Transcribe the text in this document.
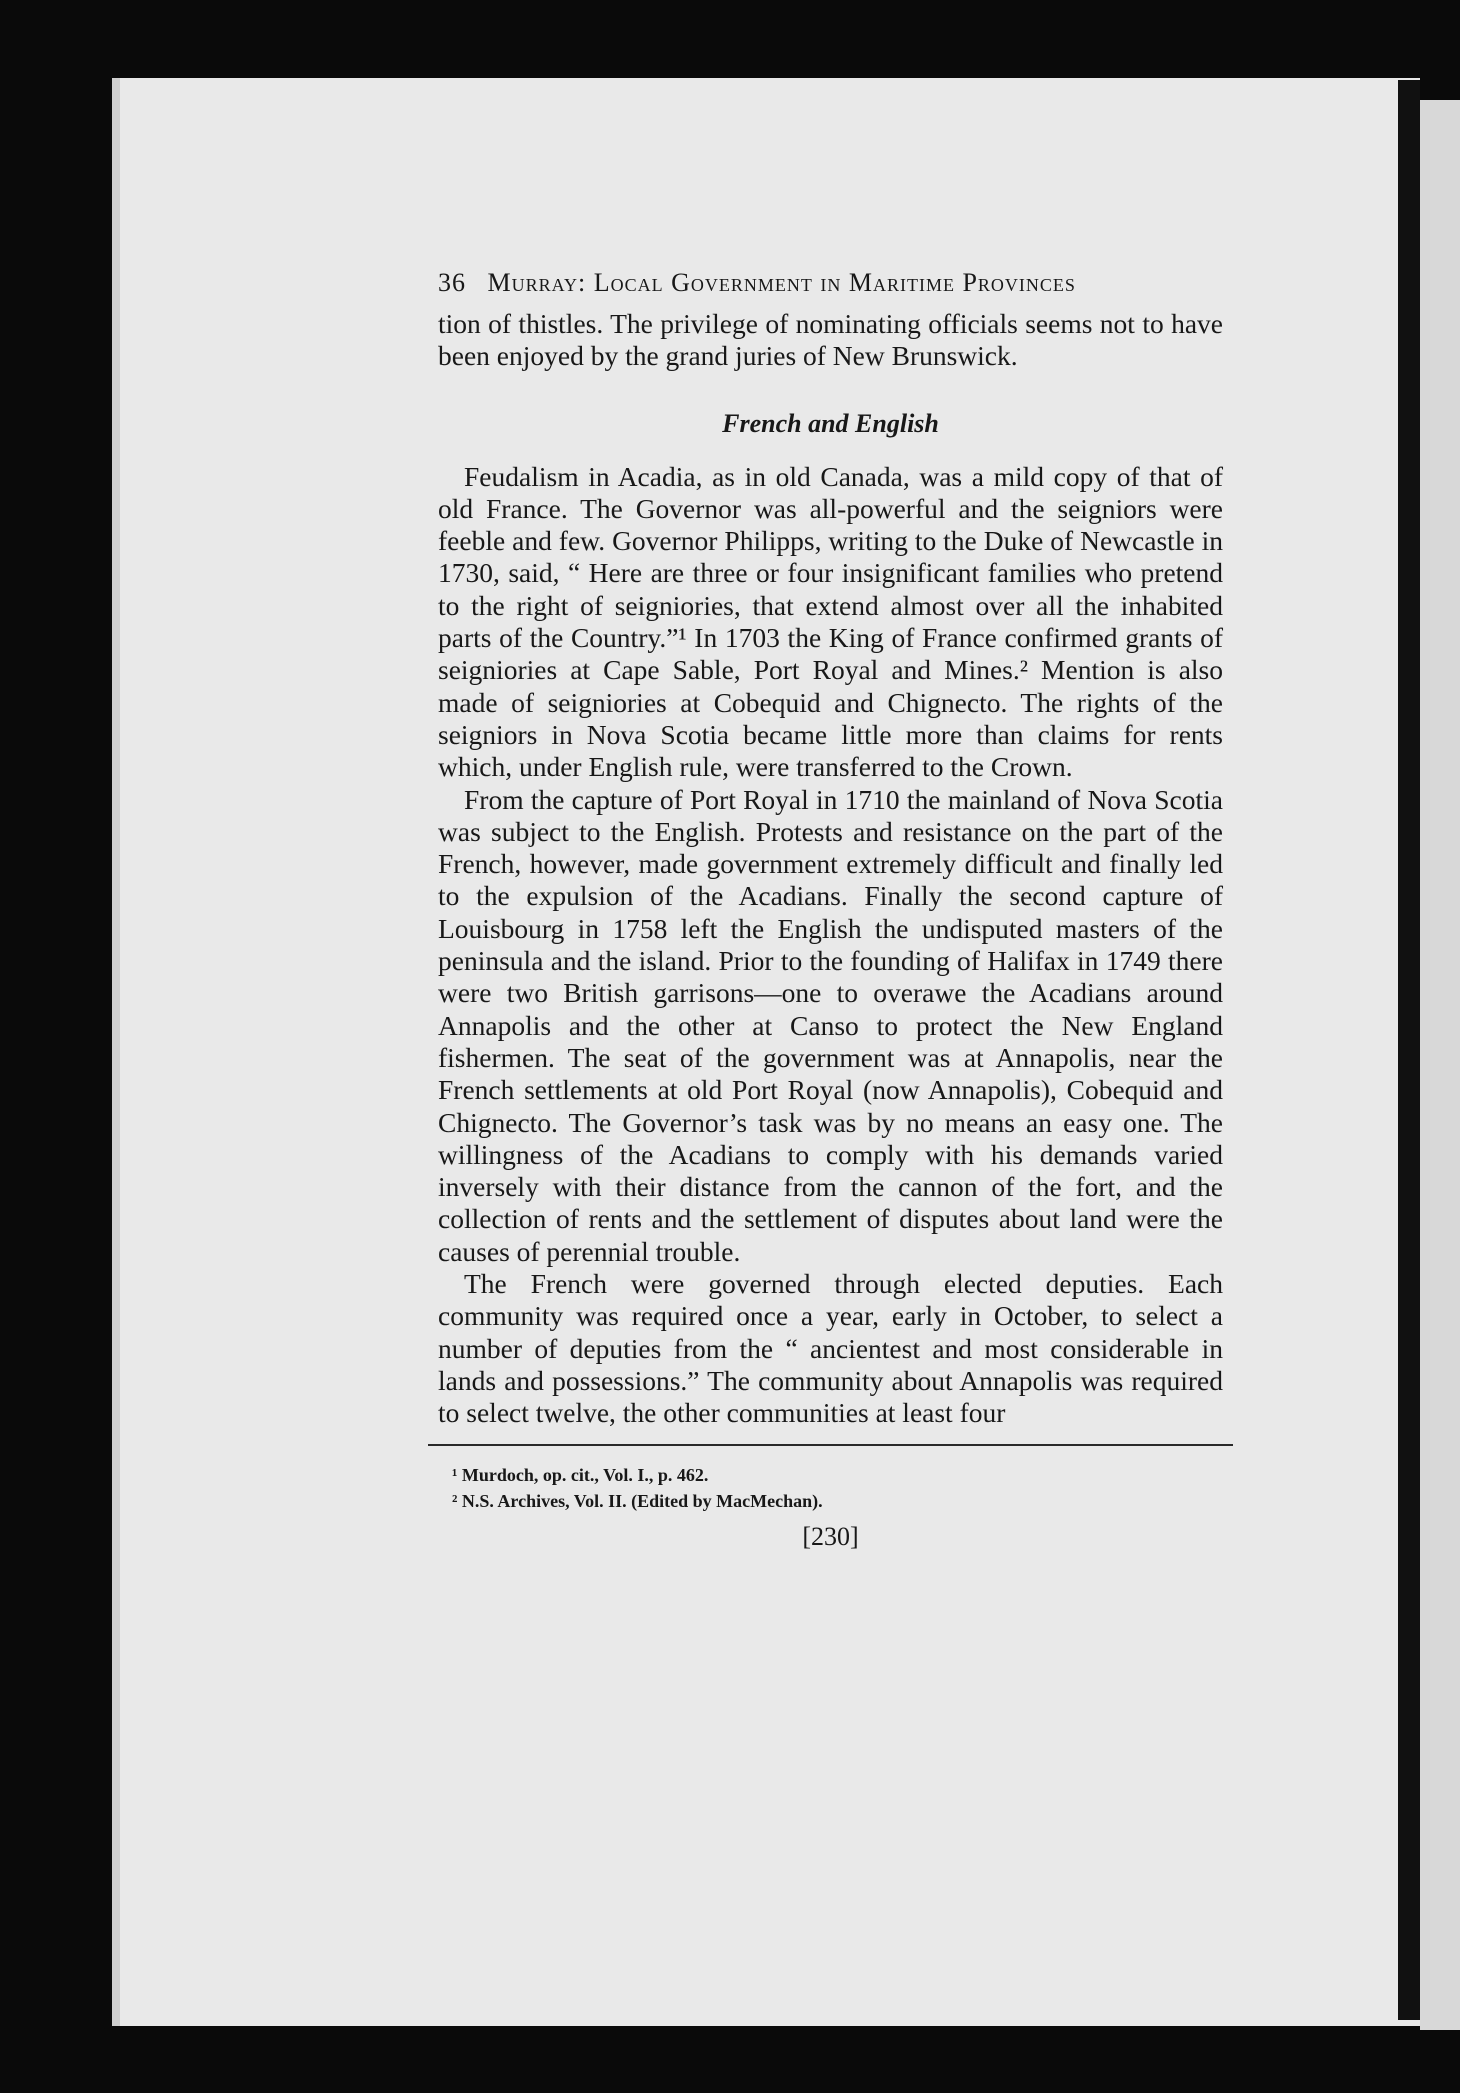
36 Murray: Local Government in Maritime Provinces

tion of thistles. The privilege of nominating officials seems not to have been enjoyed by the grand juries of New Brunswick.

French and English

Feudalism in Acadia, as in old Canada, was a mild copy of that of old France. The Governor was all-powerful and the seigniors were feeble and few. Governor Philipps, writing to the Duke of Newcastle in 1730, said, “ Here are three or four insignificant families who pretend to the right of seigniories, that extend almost over all the inhabited parts of the Country.”¹ In 1703 the King of France confirmed grants of seigniories at Cape Sable, Port Royal and Mines.² Mention is also made of seigniories at Cobequid and Chignecto. The rights of the seigniors in Nova Scotia became little more than claims for rents which, under English rule, were transferred to the Crown.

From the capture of Port Royal in 1710 the mainland of Nova Scotia was subject to the English. Protests and resistance on the part of the French, however, made government extremely difficult and finally led to the expulsion of the Acadians. Finally the second capture of Louisbourg in 1758 left the English the undisputed masters of the peninsula and the island. Prior to the founding of Halifax in 1749 there were two British garrisons—one to overawe the Acadians around Annapolis and the other at Canso to protect the New England fishermen. The seat of the government was at Annapolis, near the French settlements at old Port Royal (now Annapolis), Cobequid and Chignecto. The Governor’s task was by no means an easy one. The willingness of the Acadians to comply with his demands varied inversely with their distance from the cannon of the fort, and the collection of rents and the settlement of disputes about land were the causes of perennial trouble.

The French were governed through elected deputies. Each community was required once a year, early in October, to select a number of deputies from the “ ancientest and most considerable in lands and possessions.” The community about Annapolis was required to select twelve, the other communities at least four

¹ Murdoch, op. cit., Vol. I., p. 462.
² N.S. Archives, Vol. II. (Edited by MacMechan).
[230]
